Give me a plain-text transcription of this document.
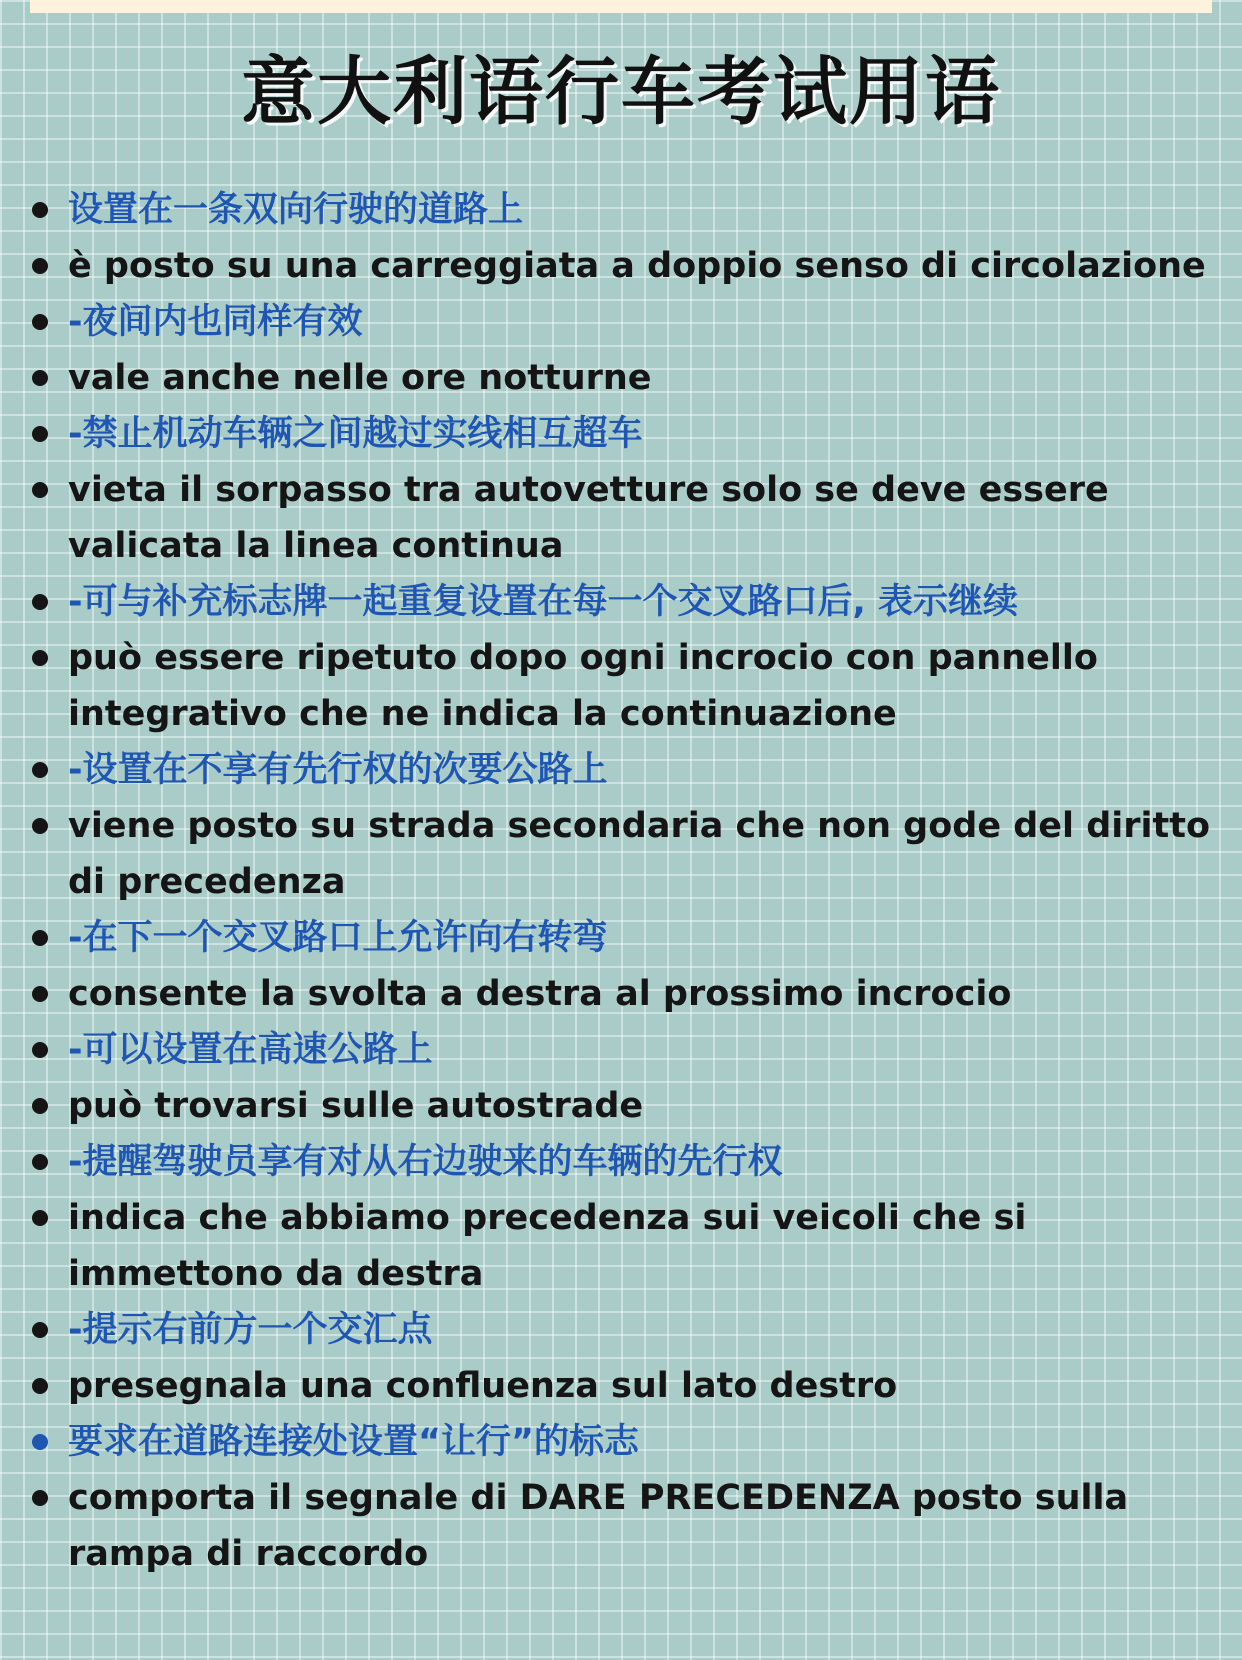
意大利语行车考试用语
设置在一条双向行驶的道路上
è posto su una carreggiata a doppio senso di circolazione
-夜间内也同样有效
vale anche nelle ore notturne
-禁止机动车辆之间越过实线相互超车
vieta il sorpasso tra autovetture solo se deve essere
valicata la linea continua
-可与补充标志牌一起重复设置在每一个交叉路口后, 表示继续
può essere ripetuto dopo ogni incrocio con pannello
integrativo che ne indica la continuazione
-设置在不享有先行权的次要公路上
viene posto su strada secondaria che non gode del diritto
di precedenza
-在下一个交叉路口上允许向右转弯
consente la svolta a destra al prossimo incrocio
-可以设置在高速公路上
può trovarsi sulle autostrade
-提醒驾驶员享有对从右边驶来的车辆的先行权
indica che abbiamo precedenza sui veicoli che si
immettono da destra
-提示右前方一个交汇点
presegnala una confluenza sul lato destro
要求在道路连接处设置“让行”的标志
comporta il segnale di DARE PRECEDENZA posto sulla
rampa di raccordo
